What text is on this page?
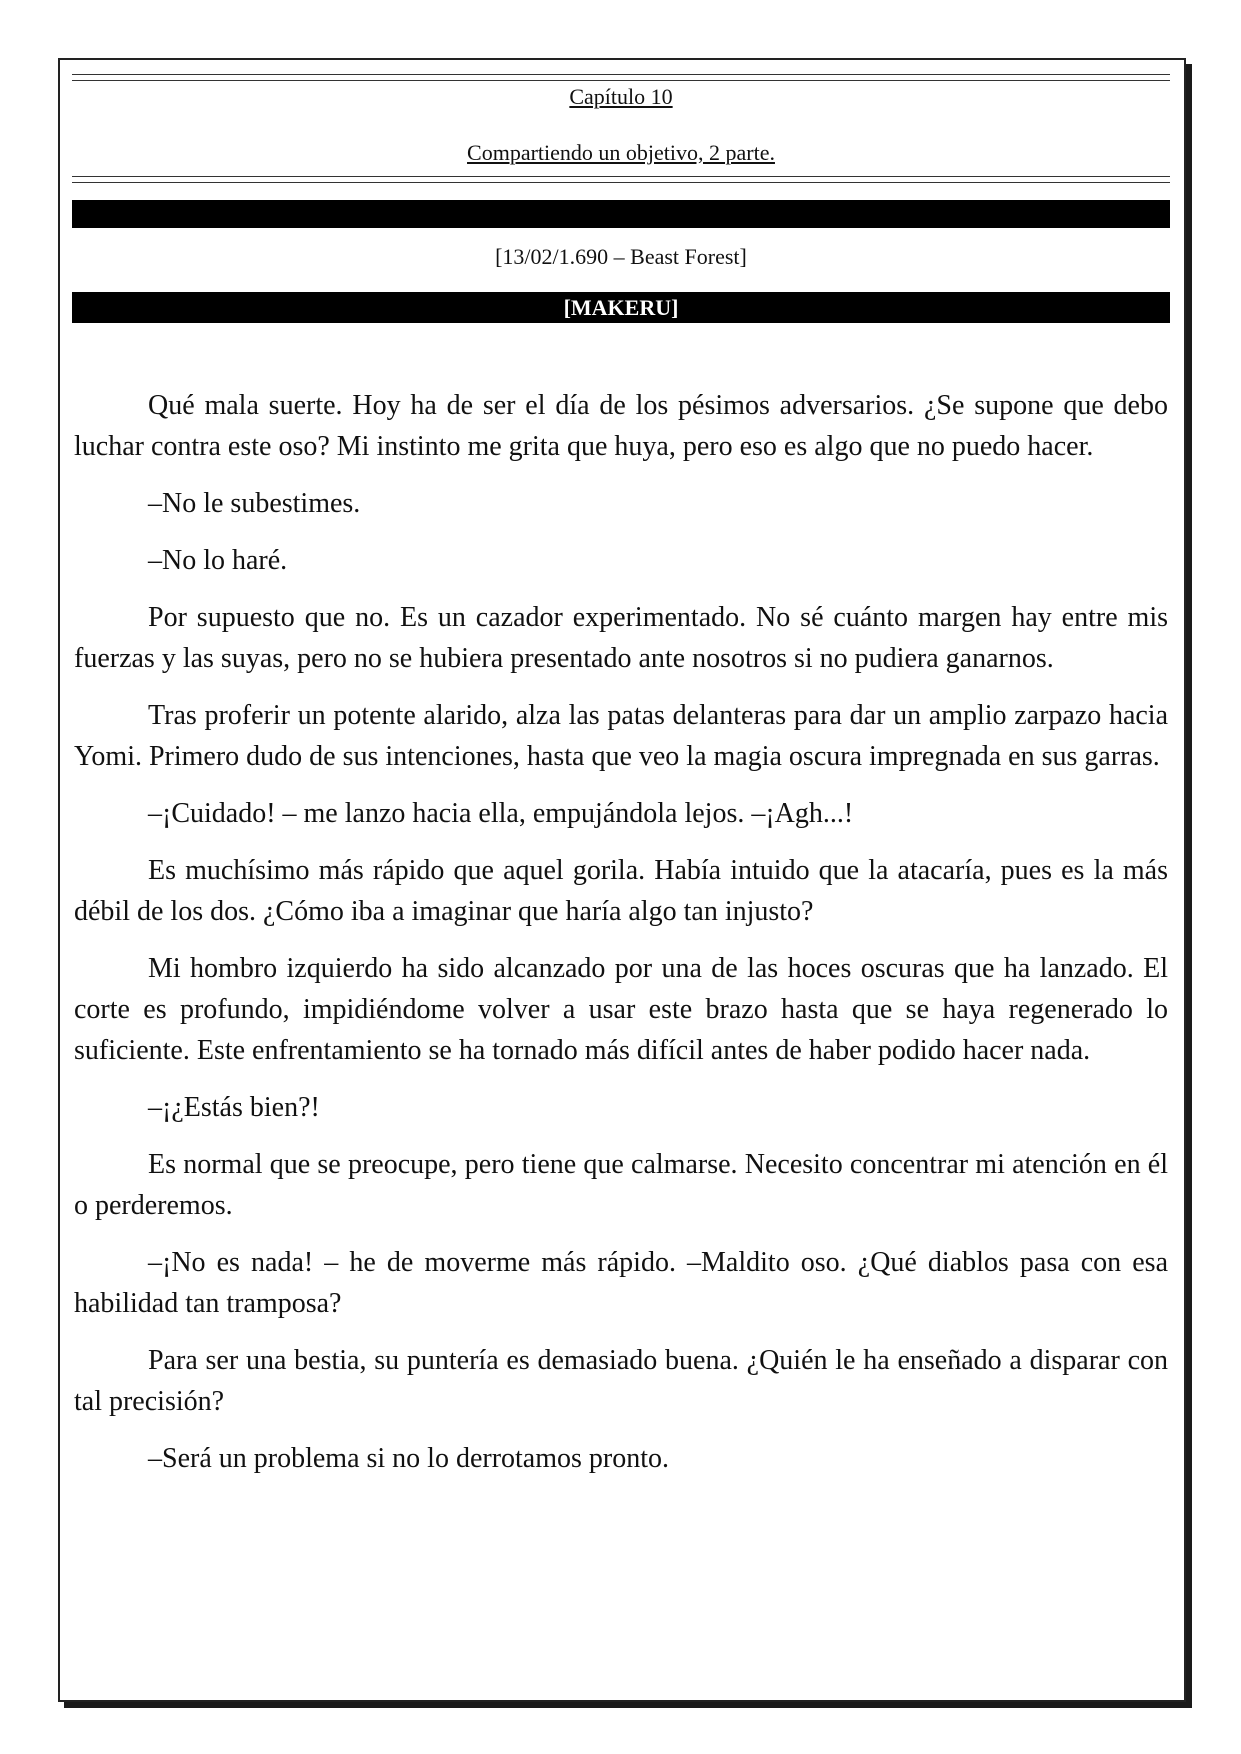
Capítulo 10
Compartiendo un objetivo, 2 parte.
[13/02/1.690 – Beast Forest]
[MAKERU]

Qué mala suerte. Hoy ha de ser el día de los pésimos adversarios. ¿Se supone que debo luchar contra este oso? Mi instinto me grita que huya, pero eso es algo que no puedo hacer.

–No le subestimes.

–No lo haré.

Por supuesto que no. Es un cazador experimentado. No sé cuánto margen hay entre mis fuerzas y las suyas, pero no se hubiera presentado ante nosotros si no pudiera ganarnos.

Tras proferir un potente alarido, alza las patas delanteras para dar un amplio zarpazo hacia Yomi. Primero dudo de sus intenciones, hasta que veo la magia oscura impregnada en sus garras.

–¡Cuidado! – me lanzo hacia ella, empujándola lejos. –¡Agh...!

Es muchísimo más rápido que aquel gorila. Había intuido que la atacaría, pues es la más débil de los dos. ¿Cómo iba a imaginar que haría algo tan injusto?

Mi hombro izquierdo ha sido alcanzado por una de las hoces oscuras que ha lanzado. El corte es profundo, impidiéndome volver a usar este brazo hasta que se haya regenerado lo suficiente. Este enfrentamiento se ha tornado más difícil antes de haber podido hacer nada.

–¡¿Estás bien?!

Es normal que se preocupe, pero tiene que calmarse. Necesito concentrar mi atención en él o perderemos.

–¡No es nada! – he de moverme más rápido. –Maldito oso. ¿Qué diablos pasa con esa habilidad tan tramposa?

Para ser una bestia, su puntería es demasiado buena. ¿Quién le ha enseñado a disparar con tal precisión?

–Será un problema si no lo derrotamos pronto.
